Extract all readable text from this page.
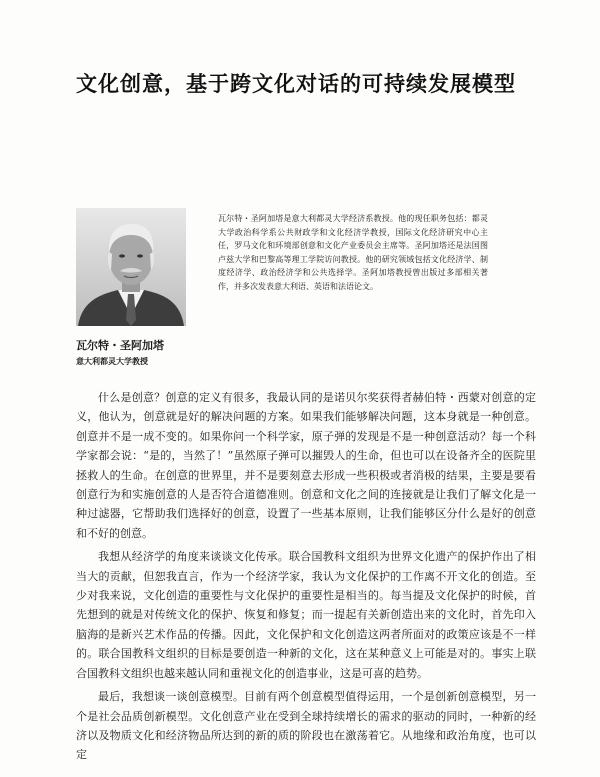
文化创意，基于跨文化对话的可持续发展模型
瓦尔特・圣阿加塔是意大利都灵大学经济系教授。他的现任职务包括：都灵大学政治科学系公共财政学和文化经济学教授，国际文化经济研究中心主任，罗马文化和环境部创意和文化产业委员会主席等。圣阿加塔还是法国图卢兹大学和巴黎高等理工学院访问教授。他的研究领域包括文化经济学、制度经济学、政治经济学和公共选择学。圣阿加塔教授曾出版过多部相关著作，并多次发表意大利语、英语和法语论文。
瓦尔特・圣阿加塔
意大利都灵大学教授

什么是创意？创意的定义有很多，我最认同的是诺贝尔奖获得者赫伯特・西蒙对创意的定义，他认为，创意就是好的解决问题的方案。如果我们能够解决问题，这本身就是一种创意。创意并不是一成不变的。如果你问一个科学家，原子弹的发现是不是一种创意活动？每一个科学家都会说：“是的，当然了！”虽然原子弹可以摧毁人的生命，但也可以在设备齐全的医院里拯救人的生命。在创意的世界里，并不是要刻意去形成一些积极或者消极的结果，主要是要看创意行为和实施创意的人是否符合道德准则。创意和文化之间的连接就是让我们了解文化是一种过滤器，它帮助我们选择好的创意，设置了一些基本原则，让我们能够区分什么是好的创意和不好的创意。

我想从经济学的角度来谈谈文化传承。联合国教科文组织为世界文化遗产的保护作出了相当大的贡献，但恕我直言，作为一个经济学家，我认为文化保护的工作离不开文化的创造。至少对我来说，文化创造的重要性与文化保护的重要性是相当的。每当提及文化保护的时候，首先想到的就是对传统文化的保护、恢复和修复；而一提起有关新创造出来的文化时，首先印入脑海的是新兴艺术作品的传播。因此，文化保护和文化创造这两者所面对的政策应该是不一样的。联合国教科文组织的目标是要创造一种新的文化，这在某种意义上可能是对的。事实上联合国教科文组织也越来越认同和重视文化的创造事业，这是可喜的趋势。

最后，我想谈一谈创意模型。目前有两个创意模型值得运用，一个是创新创意模型，另一个是社会品质创新模型。文化创意产业在受到全球持续增长的需求的驱动的同时，一种新的经济以及物质文化和经济物品所达到的新的质的阶段也在激荡着它。从地缘和政治角度，也可以定
